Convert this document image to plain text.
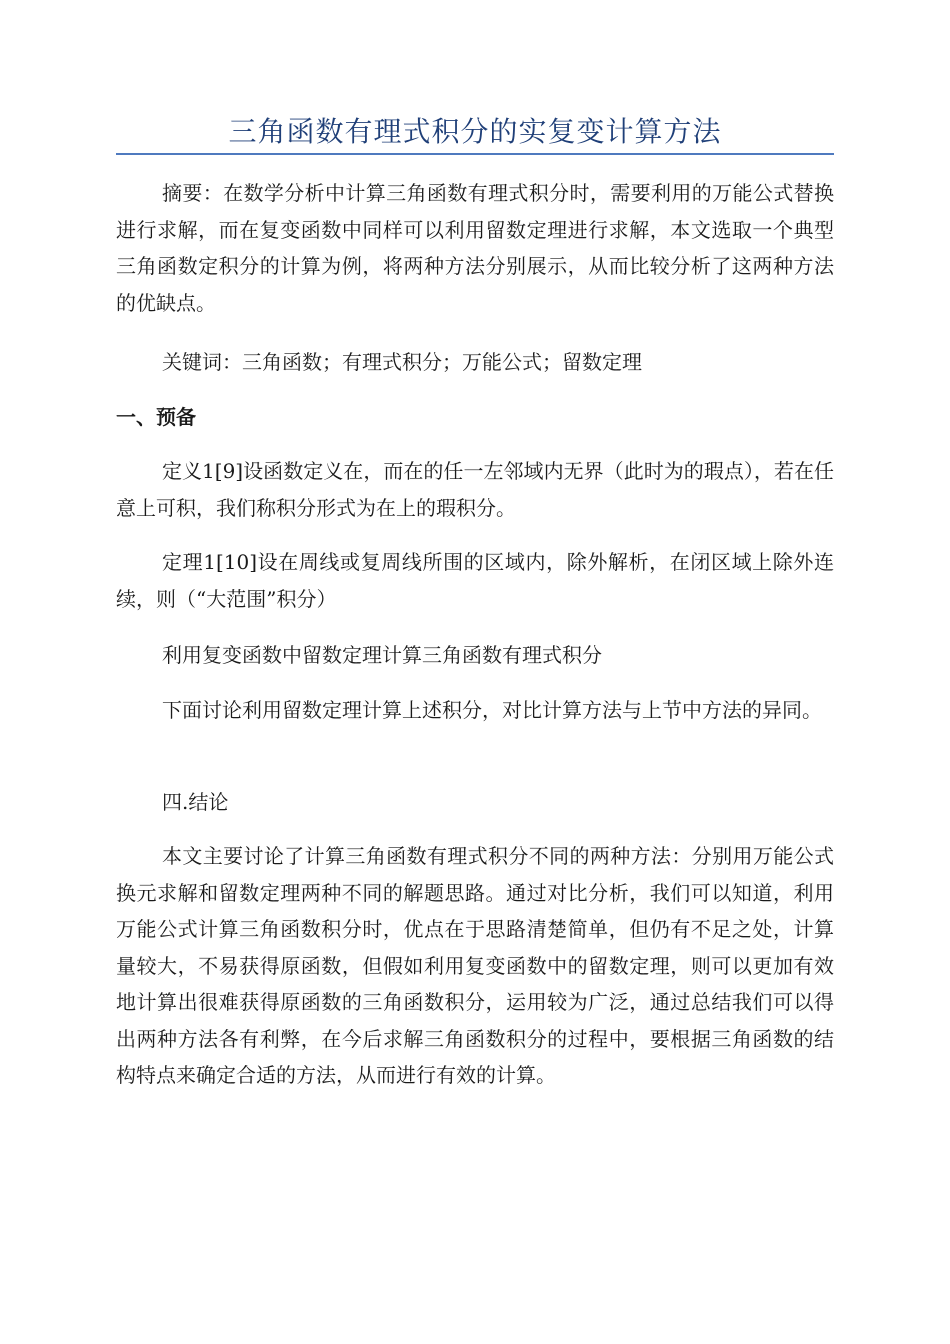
三角函数有理式积分的实复变计算方法

摘要：在数学分析中计算三角函数有理式积分时，需要利用的万能公式替换进行求解，而在复变函数中同样可以利用留数定理进行求解，本文选取一个典型三角函数定积分的计算为例，将两种方法分别展示，从而比较分析了这两种方法的优缺点。

关键词：三角函数；有理式积分；万能公式；留数定理

一、预备

定义1[9]设函数定义在，而在的任一左邻域内无界（此时为的瑕点），若在任意上可积，我们称积分形式为在上的瑕积分。

定理1[10]设在周线或复周线所围的区域内，除外解析，在闭区域上除外连续，则（“大范围”积分）

利用复变函数中留数定理计算三角函数有理式积分

下面讨论利用留数定理计算上述积分，对比计算方法与上节中方法的异同。

四.结论

本文主要讨论了计算三角函数有理式积分不同的两种方法：分别用万能公式换元求解和留数定理两种不同的解题思路。通过对比分析，我们可以知道，利用万能公式计算三角函数积分时，优点在于思路清楚简单，但仍有不足之处，计算量较大，不易获得原函数，但假如利用复变函数中的留数定理，则可以更加有效地计算出很难获得原函数的三角函数积分，运用较为广泛，通过总结我们可以得出两种方法各有利弊，在今后求解三角函数积分的过程中，要根据三角函数的结构特点来确定合适的方法，从而进行有效的计算。
